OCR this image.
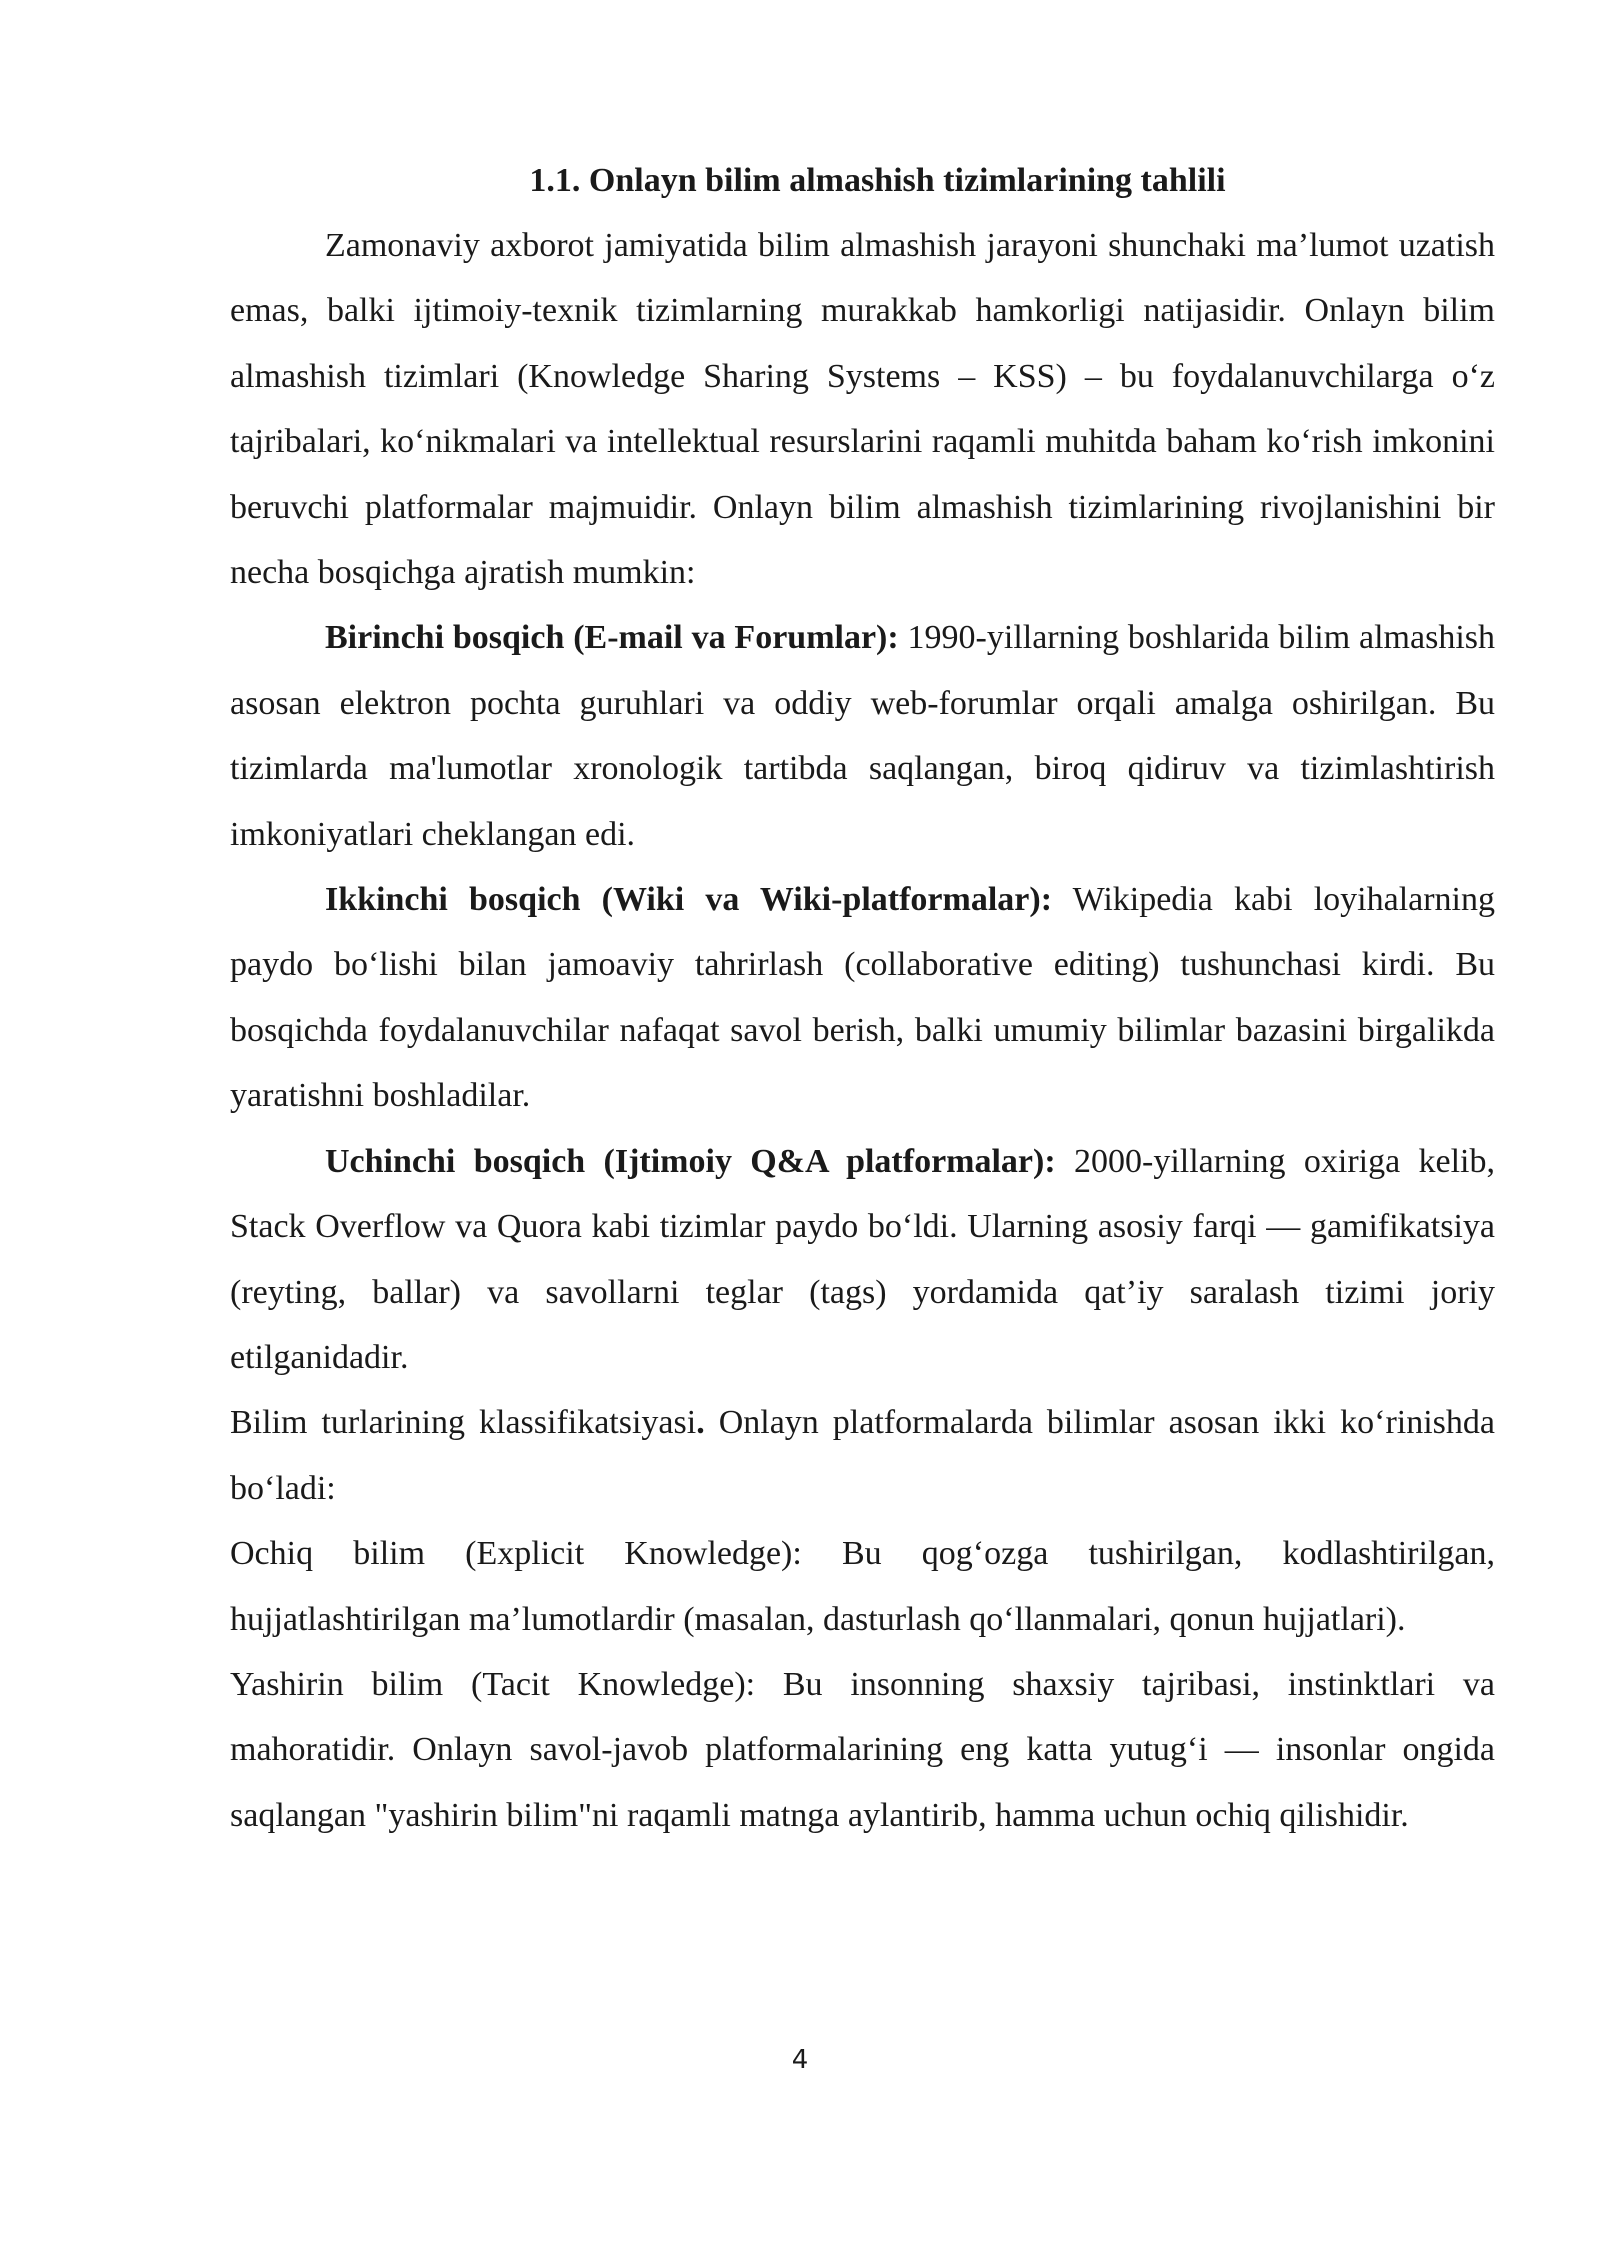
1.1. Onlayn bilim almashish tizimlarining tahlili

Zamonaviy axborot jamiyatida bilim almashish jarayoni shunchaki ma’lumot uzatish emas, balki ijtimoiy-texnik tizimlarning murakkab hamkorligi natijasidir. Onlayn bilim almashish tizimlari (Knowledge Sharing Systems – KSS) – bu foydalanuvchilarga o‘z tajribalari, ko‘nikmalari va intellektual resurslarini raqamli muhitda baham ko‘rish imkonini beruvchi platformalar majmuidir. Onlayn bilim almashish tizimlarining rivojlanishini bir necha bosqichga ajratish mumkin:

Birinchi bosqich (E-mail va Forumlar): 1990-yillarning boshlarida bilim almashish asosan elektron pochta guruhlari va oddiy web-forumlar orqali amalga oshirilgan. Bu tizimlarda ma'lumotlar xronologik tartibda saqlangan, biroq qidiruv va tizimlashtirish imkoniyatlari cheklangan edi.

Ikkinchi bosqich (Wiki va Wiki-platformalar): Wikipedia kabi loyihalarning paydo bo‘lishi bilan jamoaviy tahrirlash (collaborative editing) tushunchasi kirdi. Bu bosqichda foydalanuvchilar nafaqat savol berish, balki umumiy bilimlar bazasini birgalikda yaratishni boshladilar.

Uchinchi bosqich (Ijtimoiy Q&A platformalar): 2000-yillarning oxiriga kelib, Stack Overflow va Quora kabi tizimlar paydo bo‘ldi. Ularning asosiy farqi — gamifikatsiya (reyting, ballar) va savollarni teglar (tags) yordamida qat’iy saralash tizimi joriy etilganidadir.

Bilim turlarining klassifikatsiyasi. Onlayn platformalarda bilimlar asosan ikki ko‘rinishda bo‘ladi:

Ochiq bilim (Explicit Knowledge): Bu qog‘ozga tushirilgan, kodlashtirilgan, hujjatlashtirilgan ma’lumotlardir (masalan, dasturlash qo‘llanmalari, qonun hujjatlari).

Yashirin bilim (Tacit Knowledge): Bu insonning shaxsiy tajribasi, instinktlari va mahoratidir. Onlayn savol-javob platformalarining eng katta yutug‘i — insonlar ongida saqlangan "yashirin bilim"ni raqamli matnga aylantirib, hamma uchun ochiq qilishidir.

4
